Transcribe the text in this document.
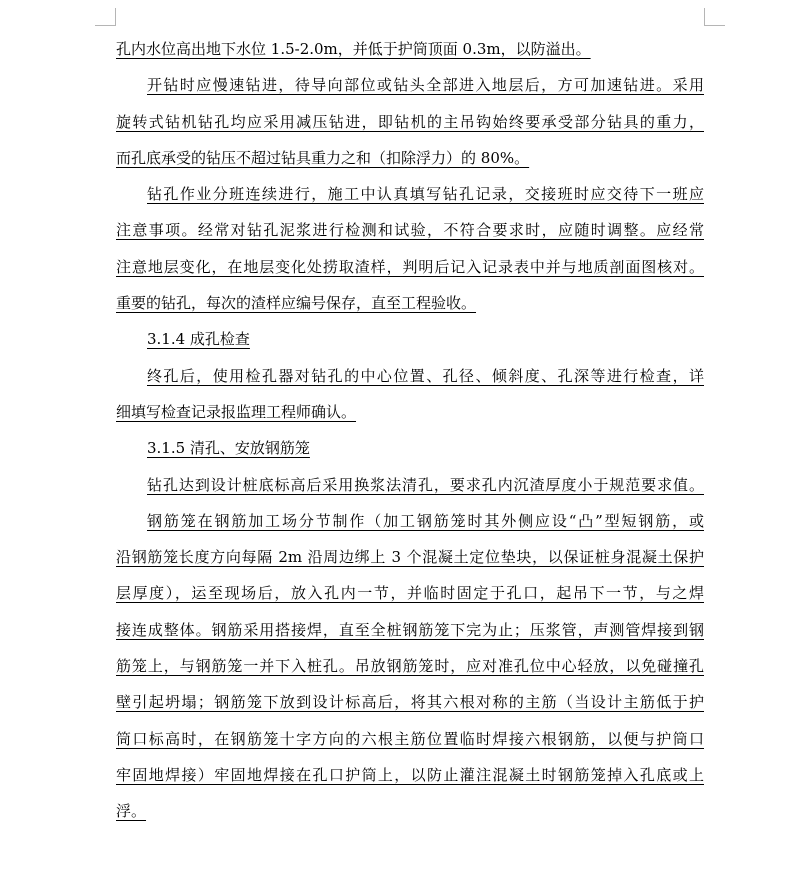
孔内水位高出地下水位 1.5-2.0m，并低于护筒顶面 0.3m，以防溢出。
开钻时应慢速钻进，待导向部位或钻头全部进入地层后，方可加速钻进。采用
旋转式钻机钻孔均应采用减压钻进，即钻机的主吊钩始终要承受部分钻具的重力，
而孔底承受的钻压不超过钻具重力之和（扣除浮力）的 80%。
钻孔作业分班连续进行，施工中认真填写钻孔记录，交接班时应交待下一班应
注意事项。经常对钻孔泥浆进行检测和试验，不符合要求时，应随时调整。应经常
注意地层变化，在地层变化处捞取渣样，判明后记入记录表中并与地质剖面图核对。
重要的钻孔，每次的渣样应编号保存，直至工程验收。
3.1.4 成孔检查
终孔后，使用检孔器对钻孔的中心位置、孔径、倾斜度、孔深等进行检查，详
细填写检查记录报监理工程师确认。
3.1.5 清孔、安放钢筋笼
钻孔达到设计桩底标高后采用换浆法清孔，要求孔内沉渣厚度小于规范要求值。
钢筋笼在钢筋加工场分节制作（加工钢筋笼时其外侧应设“凸”型短钢筋，或
沿钢筋笼长度方向每隔 2m 沿周边绑上 3 个混凝土定位垫块，以保证桩身混凝土保护
层厚度），运至现场后，放入孔内一节，并临时固定于孔口，起吊下一节，与之焊
接连成整体。钢筋采用搭接焊，直至全桩钢筋笼下完为止；压浆管，声测管焊接到钢
筋笼上，与钢筋笼一并下入桩孔。吊放钢筋笼时，应对准孔位中心轻放，以免碰撞孔
壁引起坍塌；钢筋笼下放到设计标高后，将其六根对称的主筋（当设计主筋低于护
筒口标高时，在钢筋笼十字方向的六根主筋位置临时焊接六根钢筋，以便与护筒口
牢固地焊接）牢固地焊接在孔口护筒上，以防止灌注混凝土时钢筋笼掉入孔底或上
浮。
